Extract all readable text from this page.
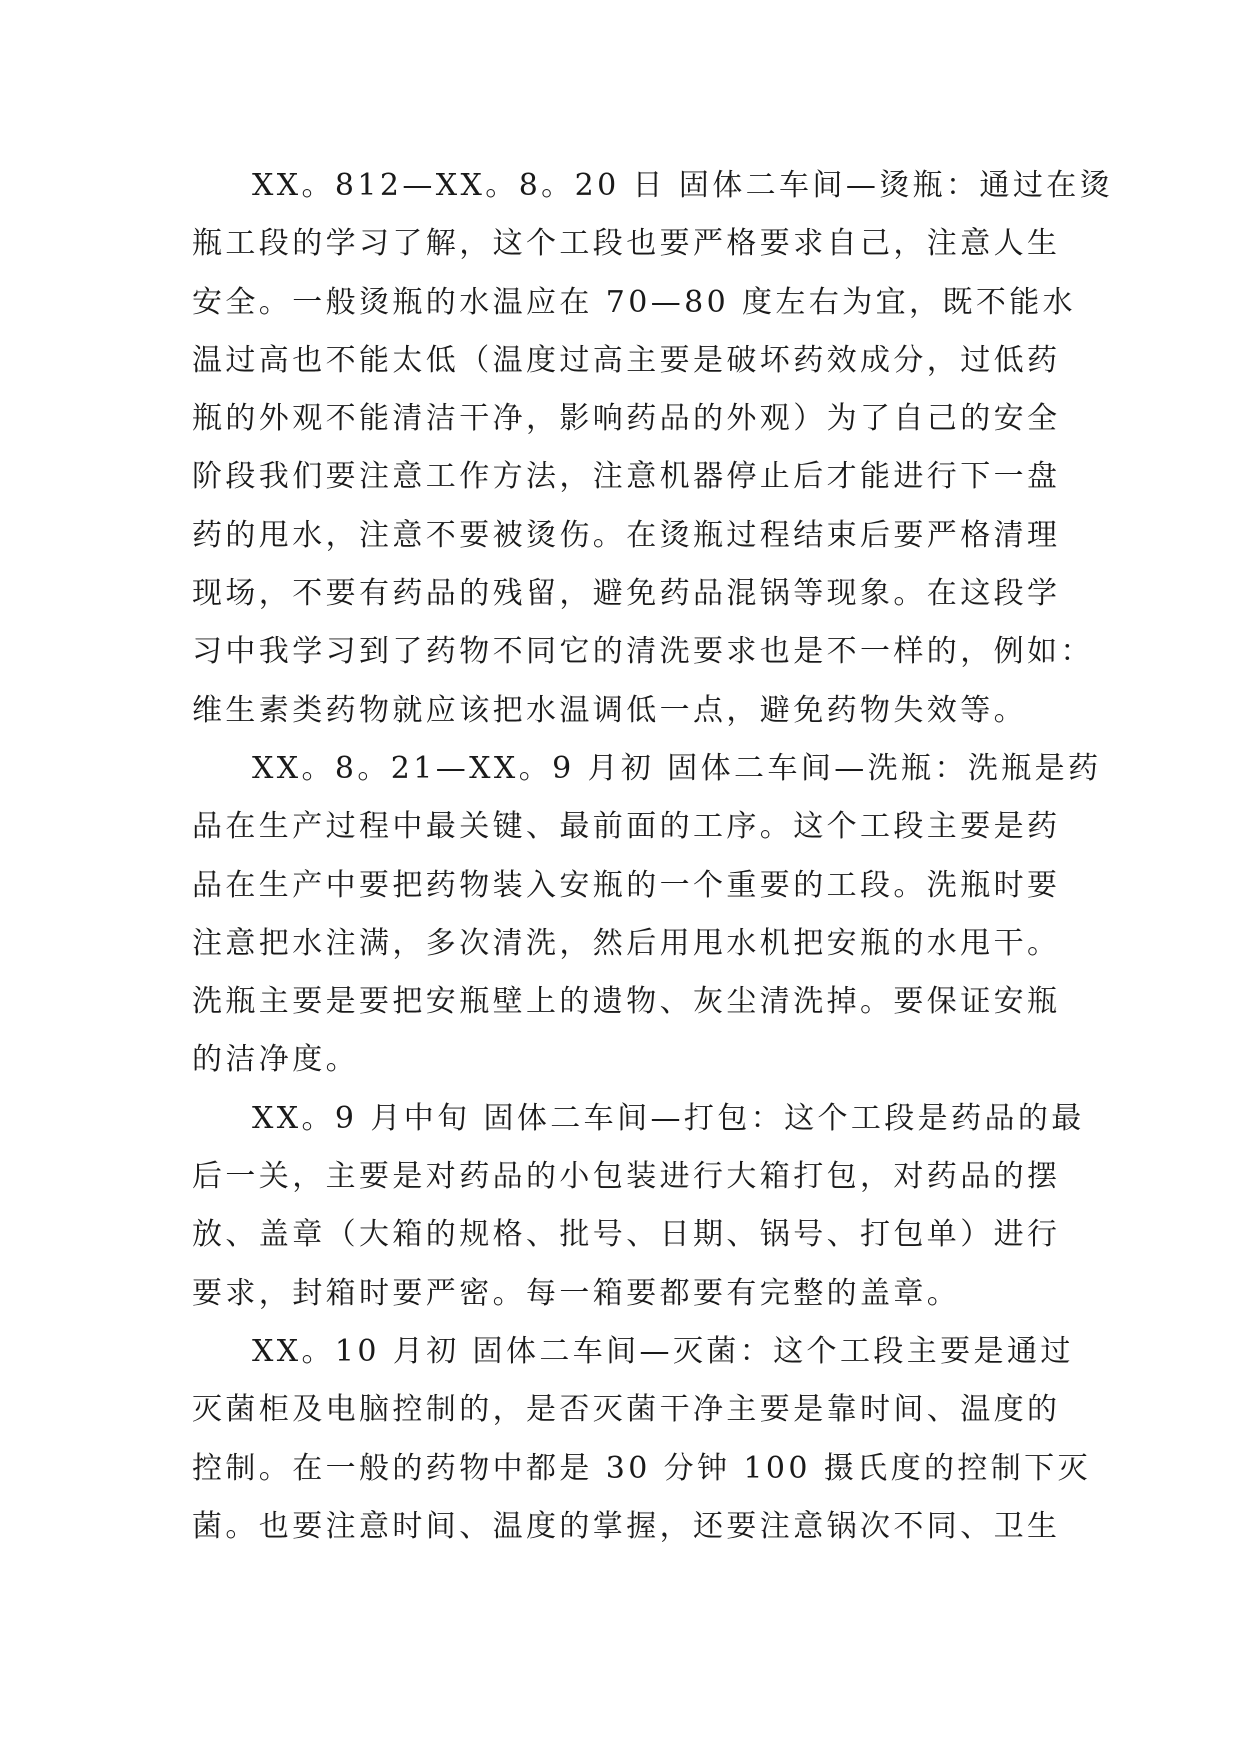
XX。812—XX。8。20 日 固体二车间—烫瓶：通过在烫
瓶工段的学习了解，这个工段也要严格要求自己，注意人生
安全。一般烫瓶的水温应在 70—80 度左右为宜，既不能水
温过高也不能太低（温度过高主要是破坏药效成分，过低药
瓶的外观不能清洁干净，影响药品的外观）为了自己的安全
阶段我们要注意工作方法，注意机器停止后才能进行下一盘
药的甩水，注意不要被烫伤。在烫瓶过程结束后要严格清理
现场，不要有药品的残留，避免药品混锅等现象。在这段学
习中我学习到了药物不同它的清洗要求也是不一样的，例如：
维生素类药物就应该把水温调低一点，避免药物失效等。
XX。8。21—XX。9 月初 固体二车间—洗瓶：洗瓶是药
品在生产过程中最关键、最前面的工序。这个工段主要是药
品在生产中要把药物装入安瓶的一个重要的工段。洗瓶时要
注意把水注满，多次清洗，然后用甩水机把安瓶的水甩干。
洗瓶主要是要把安瓶壁上的遗物、灰尘清洗掉。要保证安瓶
的洁净度。
XX。9 月中旬 固体二车间—打包：这个工段是药品的最
后一关，主要是对药品的小包装进行大箱打包，对药品的摆
放、盖章（大箱的规格、批号、日期、锅号、打包单）进行
要求，封箱时要严密。每一箱要都要有完整的盖章。
XX。10 月初 固体二车间—灭菌：这个工段主要是通过
灭菌柜及电脑控制的，是否灭菌干净主要是靠时间、温度的
控制。在一般的药物中都是 30 分钟 100 摄氏度的控制下灭
菌。也要注意时间、温度的掌握，还要注意锅次不同、卫生
